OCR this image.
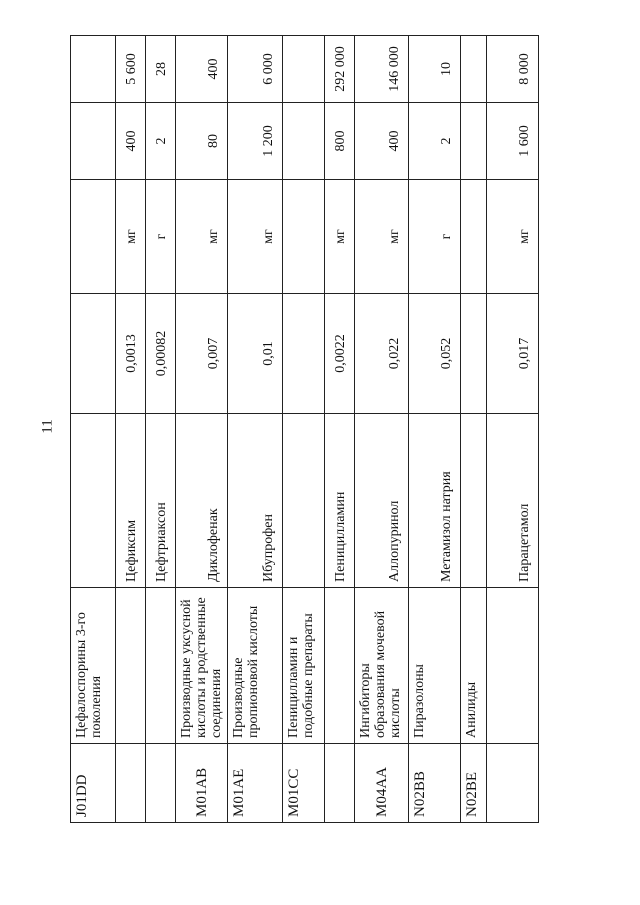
11
J01DD	Цефалоспорины 3-го поколения					
		Цефиксим	0,0013	мг	400	5 600
		Цефтриаксон	0,00082	г	2	28
M01AB	Производные уксусной кислоты и родственные соединения	Диклофенак	0,007	мг	80	400
M01AE	Производные пропионовой кислоты	Ибупрофен	0,01	мг	1 200	6 000
M01CC	Пеницилламин и подобные препараты					
		Пеницилламин	0,0022	мг	800	292 000
M04AA	Ингибиторы образования мочевой кислоты	Аллопуринол	0,022	мг	400	146 000
N02BB	Пиразолоны	Метамизол натрия	0,052	г	2	10
N02BE	Анилиды					
		Парацетамол	0,017	мг	1 600	8 000
